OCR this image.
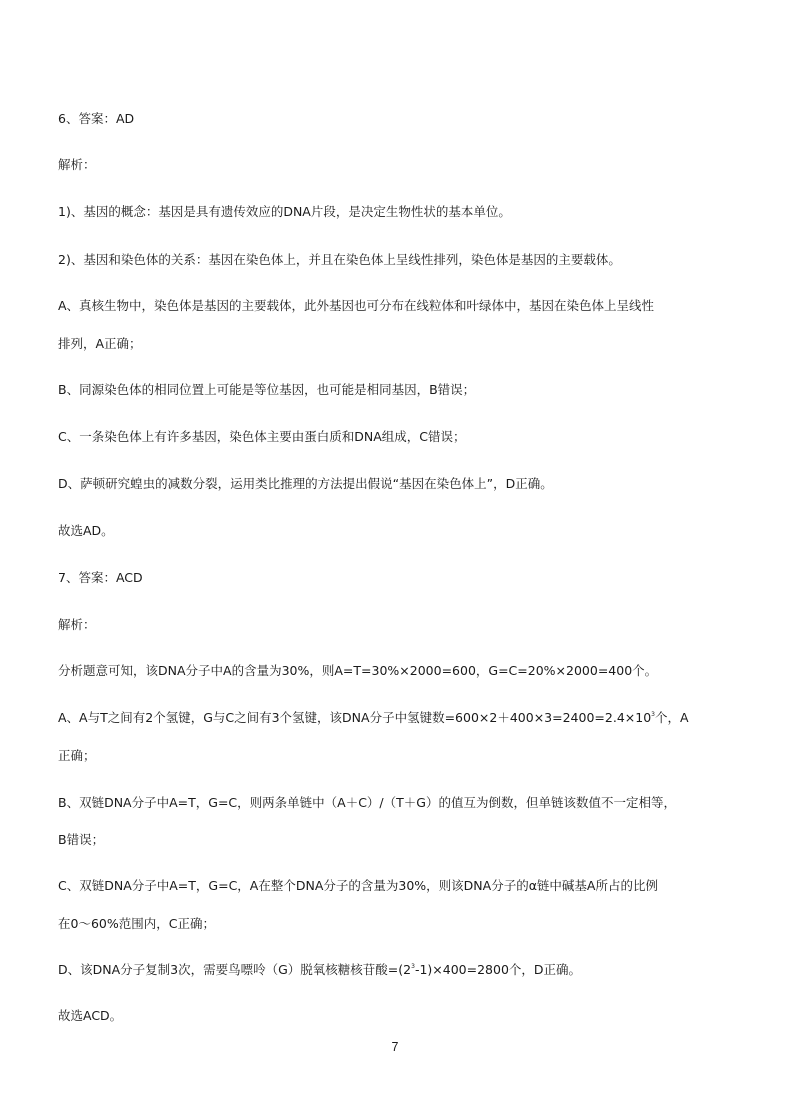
6、答案：AD
解析：
1)、基因的概念：基因是具有遗传效应的DNA片段，是决定生物性状的基本单位。
2)、基因和染色体的关系：基因在染色体上，并且在染色体上呈线性排列，染色体是基因的主要载体。
A、真核生物中，染色体是基因的主要载体，此外基因也可分布在线粒体和叶绿体中，基因在染色体上呈线性
排列，A正确；
B、同源染色体的相同位置上可能是等位基因，也可能是相同基因，B错误；
C、一条染色体上有许多基因，染色体主要由蛋白质和DNA组成，C错误；
D、萨顿研究蝗虫的减数分裂，运用类比推理的方法提出假说“基因在染色体上”，D正确。
故选AD。
7、答案：ACD
解析：
分析题意可知，该DNA分子中A的含量为30%，则A=T=30%×2000=600，G=C=20%×2000=400个。
A、A与T之间有2个氢键，G与C之间有3个氢键，该DNA分子中氢键数$=600\times 2+400\times 3=2400=2.4\times 10^3$个，A
正确；
B、双链DNA分子中A=T，G=C，则两条单链中（A＋C）/（T＋G）的值互为倒数，但单链该数值不一定相等，
B错误；
C、双链DNA分子中A=T，G=C，A在整个DNA分子的含量为30%，则该DNA分子的α链中碱基A所占的比例
在0～60%范围内，C正确；
D、该DNA分子复制3次，需要鸟嘌呤（G）脱氧核糖核苷酸$=(2^3-1)\times 400=2800$个，D正确。
故选ACD。
7
